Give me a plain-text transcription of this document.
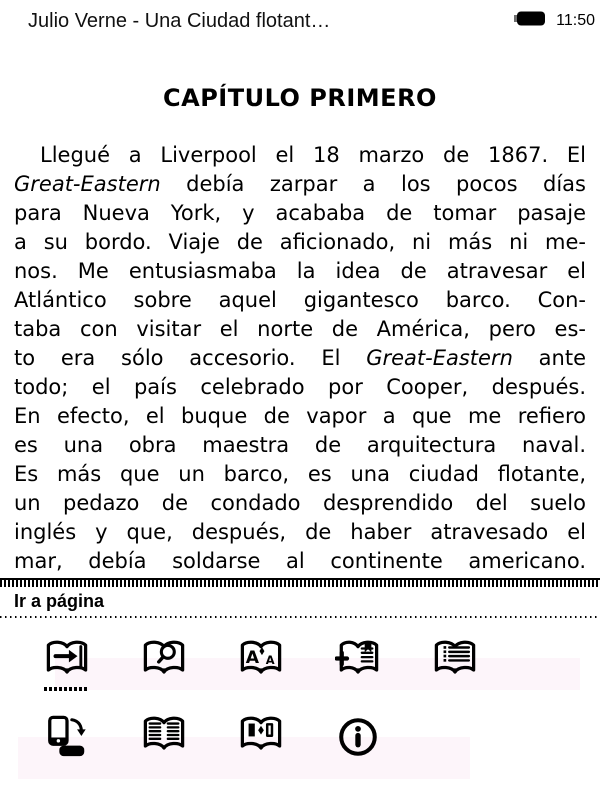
Julio Verne - Una Ciudad flotant…	11:50
CAPÍTULO PRIMERO
Llegué a Liverpool el 18 marzo de 1867. El
Great-Eastern debía zarpar a los pocos días
para Nueva York, y acababa de tomar pasaje
a su bordo. Viaje de aficionado, ni más ni me-
nos. Me entusiasmaba la idea de atravesar el
Atlántico sobre aquel gigantesco barco. Con-
taba con visitar el norte de América, pero es-
to era sólo accesorio. El Great-Eastern ante
todo; el país celebrado por Cooper, después.
En efecto, el buque de vapor a que me refiero
es una obra maestra de arquitectura naval.
Es más que un barco, es una ciudad flotante,
un pedazo de condado desprendido del suelo
inglés y que, después, de haber atravesado el
mar, debía soldarse al continente americano.
Ir a página
A A
